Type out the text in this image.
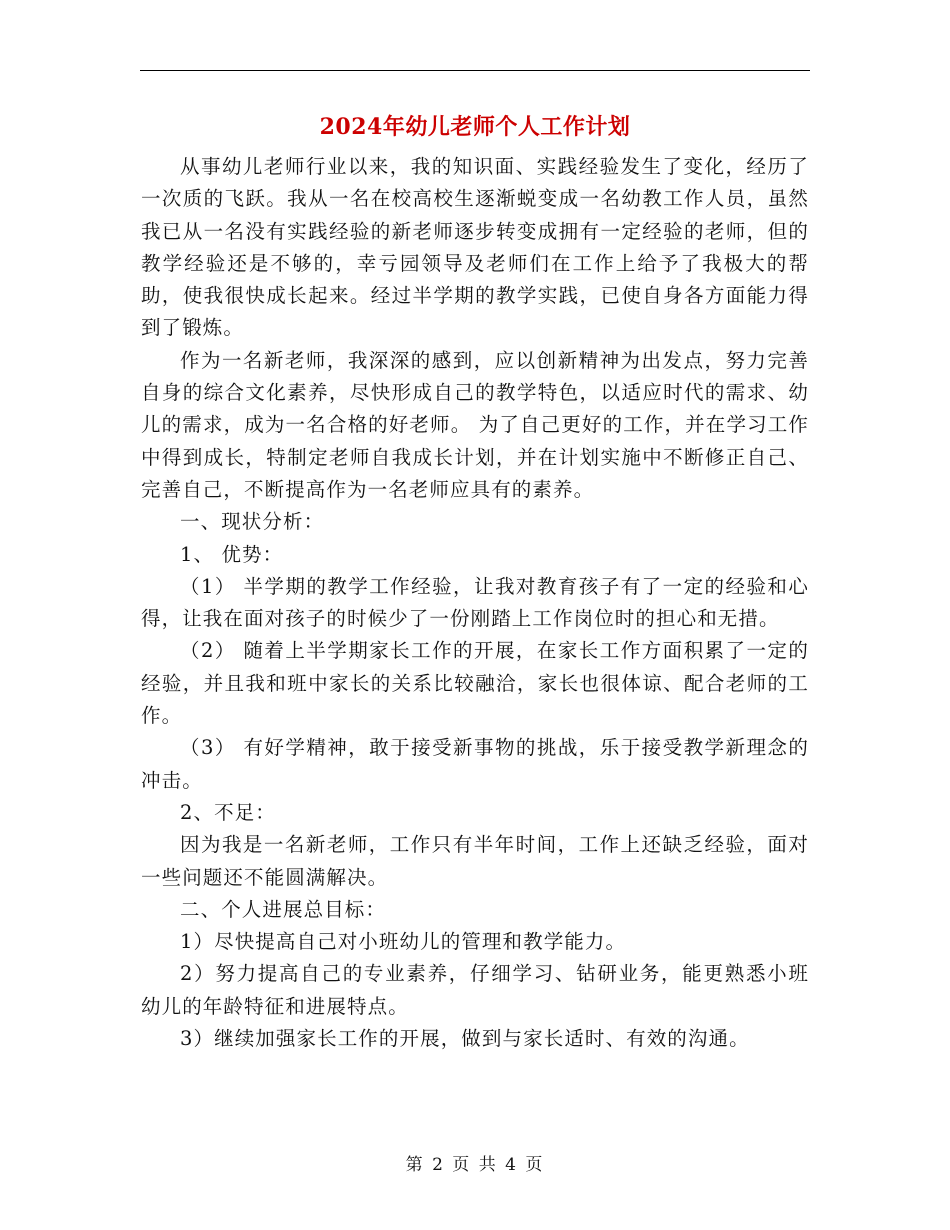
2024年幼儿老师个人工作计划

从事幼儿老师行业以来，我的知识面、实践经验发生了变化，经历了一次质的飞跃。我从一名在校高校生逐渐蜕变成一名幼教工作人员，虽然我已从一名没有实践经验的新老师逐步转变成拥有一定经验的老师，但的教学经验还是不够的，幸亏园领导及老师们在工作上给予了我极大的帮助，使我很快成长起来。经过半学期的教学实践，已使自身各方面能力得到了锻炼。

作为一名新老师，我深深的感到，应以创新精神为出发点，努力完善自身的综合文化素养，尽快形成自己的教学特色，以适应时代的需求、幼儿的需求，成为一名合格的好老师。 为了自己更好的工作，并在学习工作中得到成长，特制定老师自我成长计划，并在计划实施中不断修正自己、完善自己，不断提高作为一名老师应具有的素养。

一、现状分析：

1、 优势：

（1） 半学期的教学工作经验，让我对教育孩子有了一定的经验和心得，让我在面对孩子的时候少了一份刚踏上工作岗位时的担心和无措。

（2） 随着上半学期家长工作的开展，在家长工作方面积累了一定的经验，并且我和班中家长的关系比较融洽，家长也很体谅、配合老师的工作。

（3） 有好学精神，敢于接受新事物的挑战，乐于接受教学新理念的冲击。

2、不足：

因为我是一名新老师，工作只有半年时间，工作上还缺乏经验，面对一些问题还不能圆满解决。

二、个人进展总目标：

1）尽快提高自己对小班幼儿的管理和教学能力。

2）努力提高自己的专业素养，仔细学习、钻研业务，能更熟悉小班幼儿的年龄特征和进展特点。

3）继续加强家长工作的开展，做到与家长适时、有效的沟通。

第 2 页 共 4 页
